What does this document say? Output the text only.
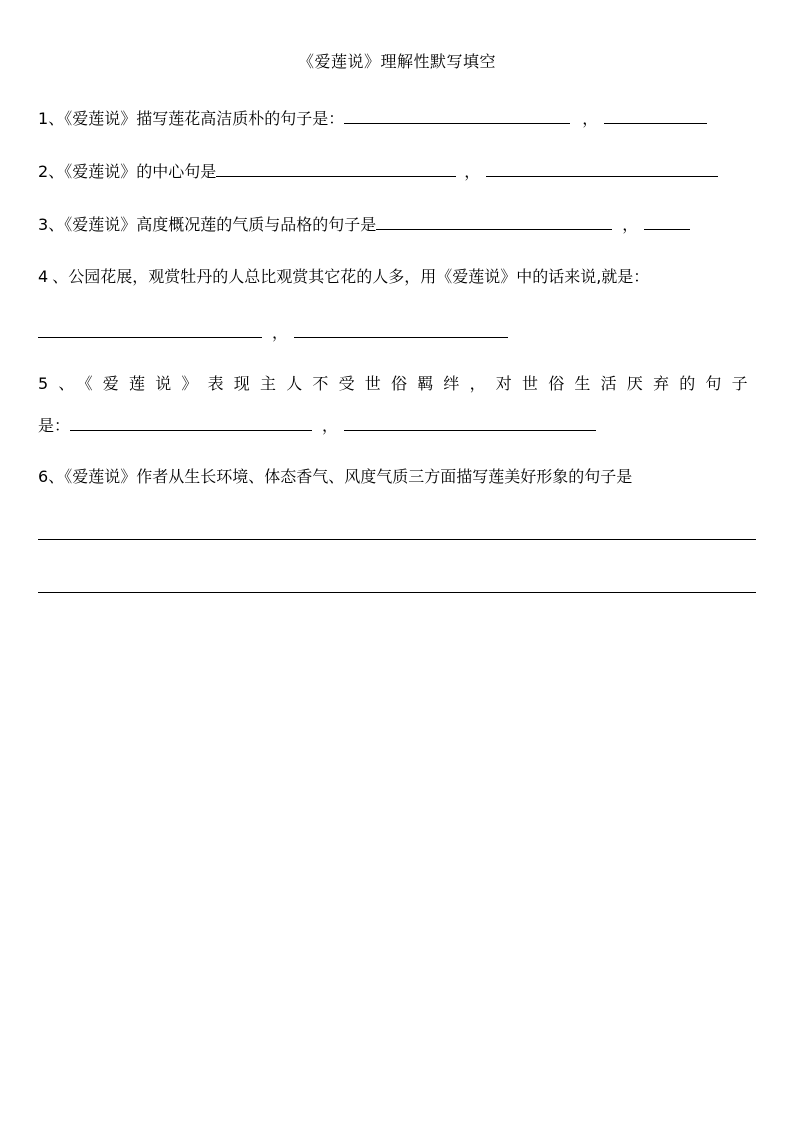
《爱莲说》理解性默写填空
1、《爱莲说》描写莲花高洁质朴的句子是：	，
2、《爱莲说》的中心句是	，
3、《爱莲说》高度概况莲的气质与品格的句子是	，
4 、公园花展，观赏牡丹的人总比观赏其它花的人多，用《爱莲说》中的话来说,就是：
，
5、《爱莲说》表现主人不受世俗羁绊，对世俗生活厌弃的句子
是：	，
6、《爱莲说》作者从生长环境、体态香气、风度气质三方面描写莲美好形象的句子是
